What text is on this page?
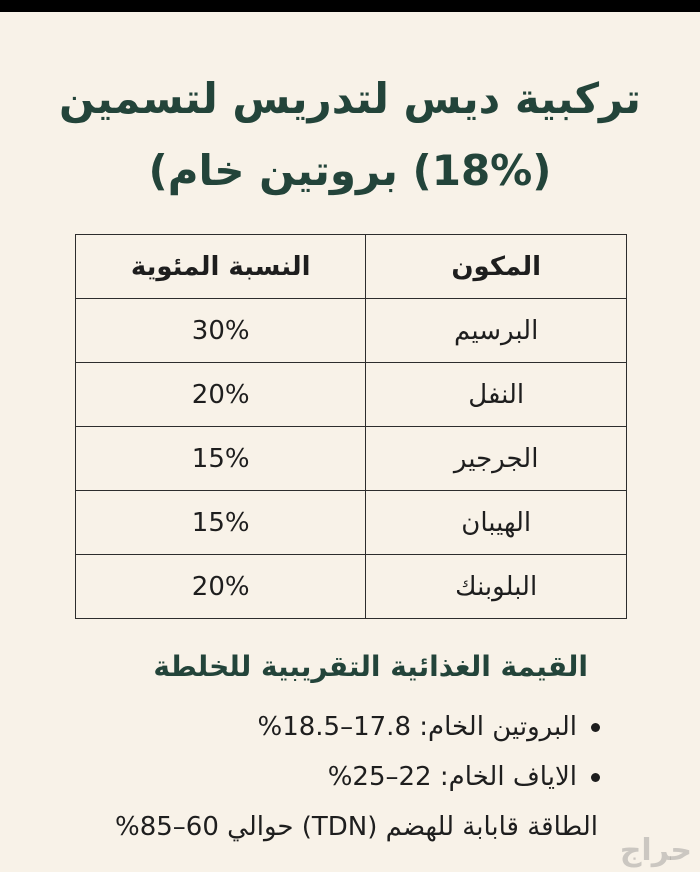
تركبية ديس لتدريس لتسمين
(18%) بروتين خام)
المكون	النسبة المئوية
البرسيم	30%
النفل	20%
الجرجير	15%
الهيبان	15%
البلوبنك	20%
القيمة الغذائية التقريبية للخلطة
البروتين الخام: 17.8–18.5%
الاياف الخام: 22–25%
الطاقة قابابة للهضم (TDN) حوالي 60–85%
حراج
